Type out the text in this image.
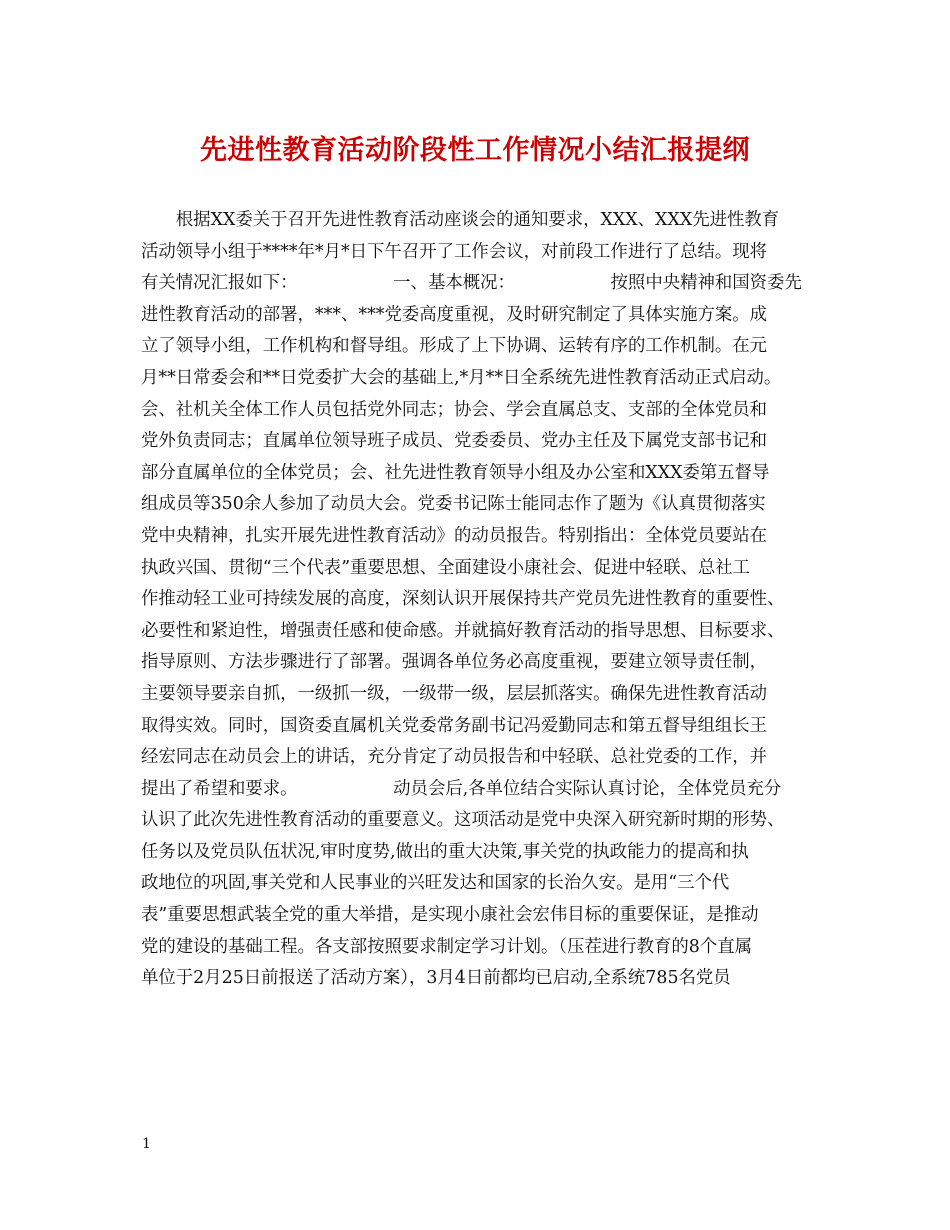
先进性教育活动阶段性工作情况小结汇报提纲
　　根据XX委关于召开先进性教育活动座谈会的通知要求，XXX、XXX先进性教育
活动领导小组于****年*月*日下午召开了工作会议，对前段工作进行了总结。现将
有关情况汇报如下：　　　　　　一、基本概况：　　　　　　按照中央精神和国资委先
进性教育活动的部署，***、***党委高度重视，及时研究制定了具体实施方案。成
立了领导小组，工作机构和督导组。形成了上下协调、运转有序的工作机制。在元
月**日常委会和**日党委扩大会的基础上,*月**日全系统先进性教育活动正式启动。
会、社机关全体工作人员包括党外同志；协会、学会直属总支、支部的全体党员和
党外负责同志；直属单位领导班子成员、党委委员、党办主任及下属党支部书记和
部分直属单位的全体党员；会、社先进性教育领导小组及办公室和XXX委第五督导
组成员等350余人参加了动员大会。党委书记陈士能同志作了题为《认真贯彻落实
党中央精神，扎实开展先进性教育活动》的动员报告。特别指出：全体党员要站在
执政兴国、贯彻“三个代表”重要思想、全面建设小康社会、促进中轻联、总社工
作推动轻工业可持续发展的高度，深刻认识开展保持共产党员先进性教育的重要性、
必要性和紧迫性，增强责任感和使命感。并就搞好教育活动的指导思想、目标要求、
指导原则、方法步骤进行了部署。强调各单位务必高度重视，要建立领导责任制，
主要领导要亲自抓，一级抓一级，一级带一级，层层抓落实。确保先进性教育活动
取得实效。同时，国资委直属机关党委常务副书记冯爱勤同志和第五督导组组长王
经宏同志在动员会上的讲话，充分肯定了动员报告和中轻联、总社党委的工作，并
提出了希望和要求。　　　　　　动员会后,各单位结合实际认真讨论，全体党员充分
认识了此次先进性教育活动的重要意义。这项活动是党中央深入研究新时期的形势、
任务以及党员队伍状况,审时度势,做出的重大决策,事关党的执政能力的提高和执
政地位的巩固,事关党和人民事业的兴旺发达和国家的长治久安。是用“三个代
表”重要思想武装全党的重大举措，是实现小康社会宏伟目标的重要保证，是推动
党的建设的基础工程。各支部按照要求制定学习计划。（压茬进行教育的8个直属
单位于2月25日前报送了活动方案），3月4日前都均已启动,全系统785名党员
1
